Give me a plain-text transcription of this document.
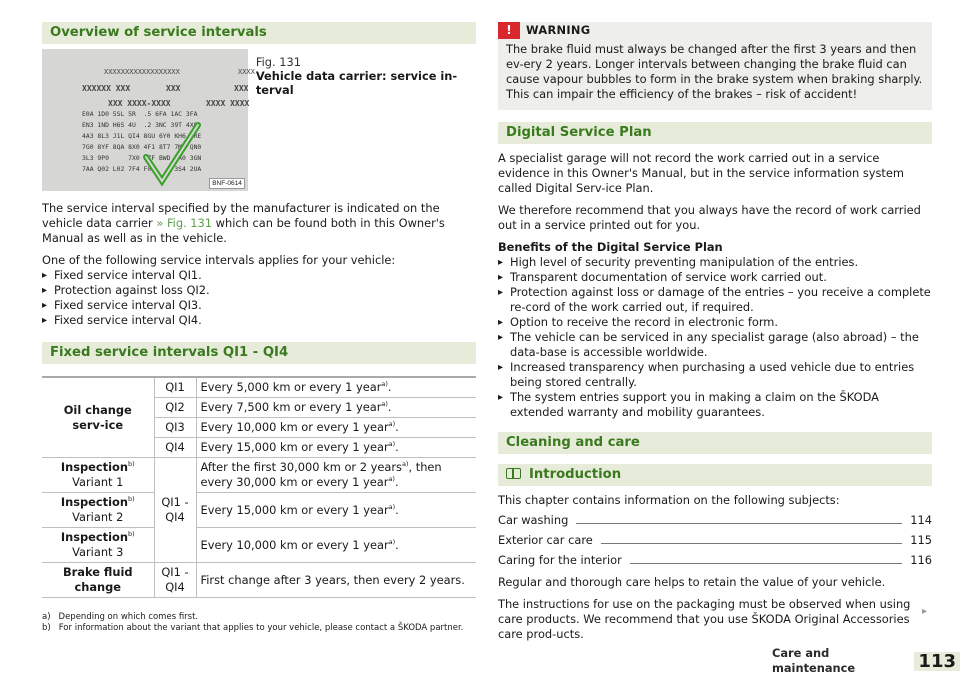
Overview of service intervals
XXXXXXXXXXXXXXXXXX	XXXX
XXXXXX XXX	XXX	XXX
XXX XXXX-XXXX	XXXX XXXX
E0A 1D0 5SL 5R  .5 6FA 1AC 3FA
EN3 1ND H6S 4U  .2 3NC 39T 4X0
4A3 8L3 J1L QI4 8GU 6Y0 KH6 8RE
7G0 8YF 8QA 8X0 4F1 8T7 7M0 QN0
3L3 9P0     7X0 9ZF BWD 7A0 3GN
7AA Q02 L02 7F4 F0A     3S4 2UA
BNF-0614
Fig. 131
Vehicle data carrier: service in-terval

The service interval specified by the manufacturer is indicated on the vehicle data carrier » Fig. 131 which can be found both in this Owner's Manual as well as in the vehicle.

One of the following service intervals applies for your vehicle:

▸ Fixed service interval QI1.
▸ Protection against loss QI2.
▸ Fixed service interval QI3.
▸ Fixed service interval QI4.
Fixed service intervals QI1 - QI4
Oil change serv-ice	QI1	Every 5,000 km or every 1 year$^{a)}$.
	QI2	Every 7,500 km or every 1 year$^{a)}$.
	QI3	Every 10,000 km or every 1 year$^{a)}$.
	QI4	Every 15,000 km or every 1 year$^{a)}$.
Inspection$^{b)}$
Variant 1	QI1 - QI4	After the first 30,000 km or 2 years$^{a)}$, then every 30,000 km or every 1 year$^{a)}$.
Inspection$^{b)}$
Variant 2		Every 15,000 km or every 1 year$^{a)}$.
Inspection$^{b)}$
Variant 3		Every 10,000 km or every 1 year$^{a)}$.
Brake fluid change	QI1 - QI4	First change after 3 years, then every 2 years.
a) Depending on which comes first.
b) For information about the variant that applies to your vehicle, please contact a ŠKODA partner.
!	WARNING
The brake fluid must always be changed after the first 3 years and then ev-ery 2 years. Longer intervals between changing the brake fluid can cause vapour bubbles to form in the brake system when braking sharply. This can impair the efficiency of the brakes – risk of accident!
Digital Service Plan

A specialist garage will not record the work carried out in a service evidence in this Owner's Manual, but in the service information system called Digital Serv-ice Plan.

We therefore recommend that you always have the record of work carried out in a service printed out for you.

Benefits of the Digital Service Plan

▸ High level of security preventing manipulation of the entries.
▸ Transparent documentation of service work carried out.
▸ Protection against loss or damage of the entries – you receive a complete re-cord of the work carried out, if required.
▸ Option to receive the record in electronic form.
▸ The vehicle can be serviced in any specialist garage (also abroad) – the data-base is accessible worldwide.
▸ Increased transparency when purchasing a used vehicle due to entries being stored centrally.
▸ The system entries support you in making a claim on the ŠKODA extended warranty and mobility guarantees.
Cleaning and care
Introduction

This chapter contains information on the following subjects:

Car washing	114
Exterior car care	115
Caring for the interior	116

Regular and thorough care helps to retain the value of your vehicle.

The instructions for use on the packaging must be observed when using care products. We recommend that you use ŠKODA Original Accessories care prod-ucts.

▸
Care and maintenance	113
